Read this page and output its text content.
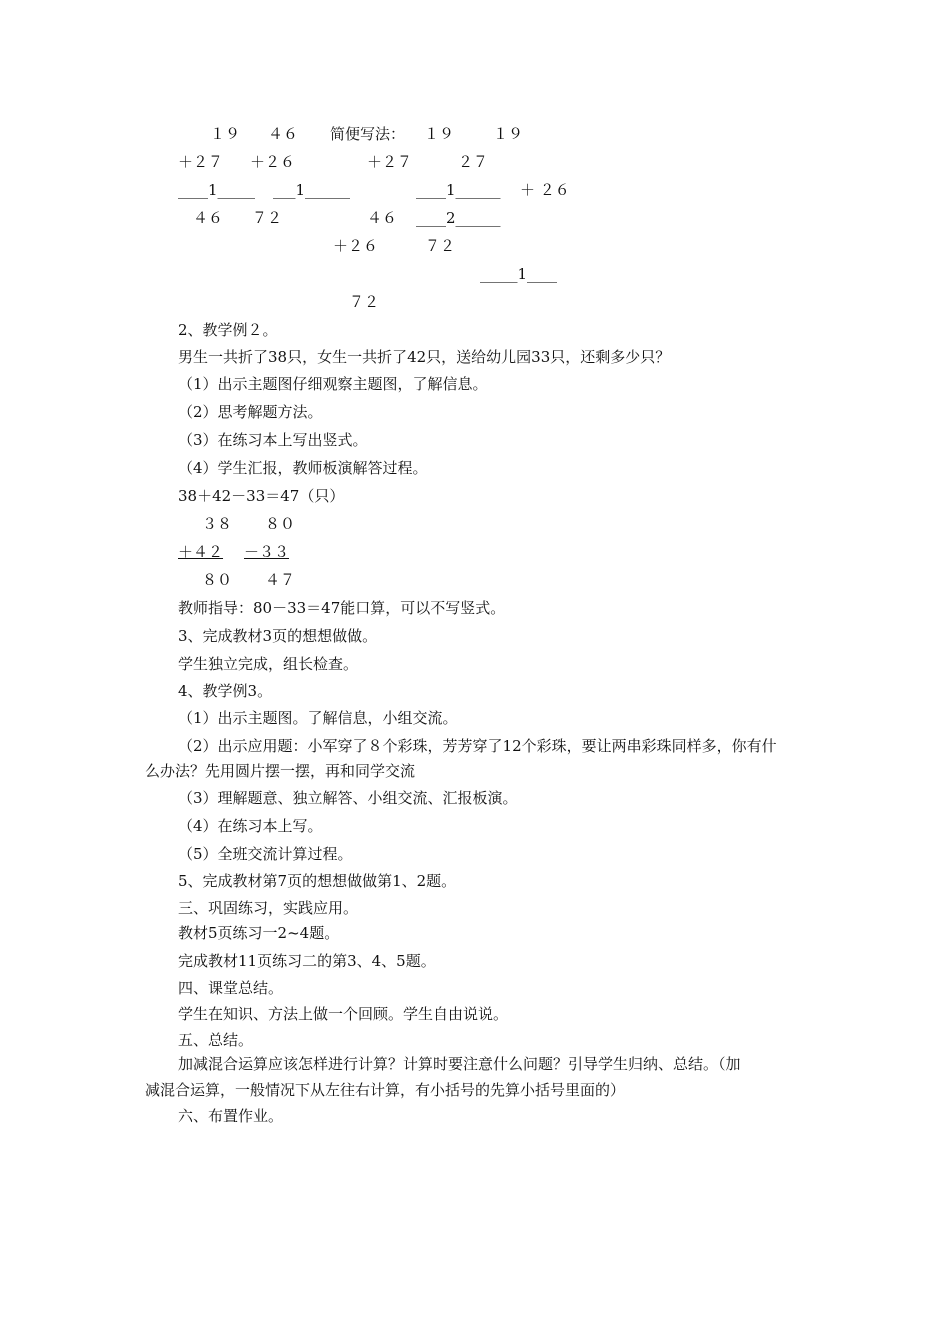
１９ ４６ 简便写法： １９	１９
＋２７ ＋２６	＋２７	２７
____1_____ ___1______	____1______ ＋ ２６
４６ ７２	４６ ____2______
＋２６	７２
_____1____
７２
2、教学例２。
男生一共折了38只，女生一共折了42只，送给幼儿园33只，还剩多少只？
（1）出示主题图仔细观察主题图，了解信息。
（2）思考解题方法。
（3）在练习本上写出竖式。
（4）学生汇报，教师板演解答过程。
38＋42－33＝47（只）
３８ ８０
＋４２ －３３
８０ ４７
教师指导：80－33＝47能口算，可以不写竖式。
3、完成教材3页的想想做做。
学生独立完成，组长检查。
4、教学例3。
（1）出示主题图。了解信息，小组交流。
（2）出示应用题：小军穿了８个彩珠，芳芳穿了12个彩珠，要让两串彩珠同样多，你有什
么办法？先用圆片摆一摆，再和同学交流
（3）理解题意、独立解答、小组交流、汇报板演。
（4）在练习本上写。
（5）全班交流计算过程。
5、完成教材第7页的想想做做第1、2题。
三、巩固练习，实践应用。
教材5页练习一2~4题。
完成教材11页练习二的第3、4、5题。
四、课堂总结。
学生在知识、方法上做一个回顾。学生自由说说。
五、总结。
加减混合运算应该怎样进行计算？计算时要注意什么问题？引导学生归纳、总结。（加
减混合运算，一般情况下从左往右计算，有小括号的先算小括号里面的）
六、布置作业。
